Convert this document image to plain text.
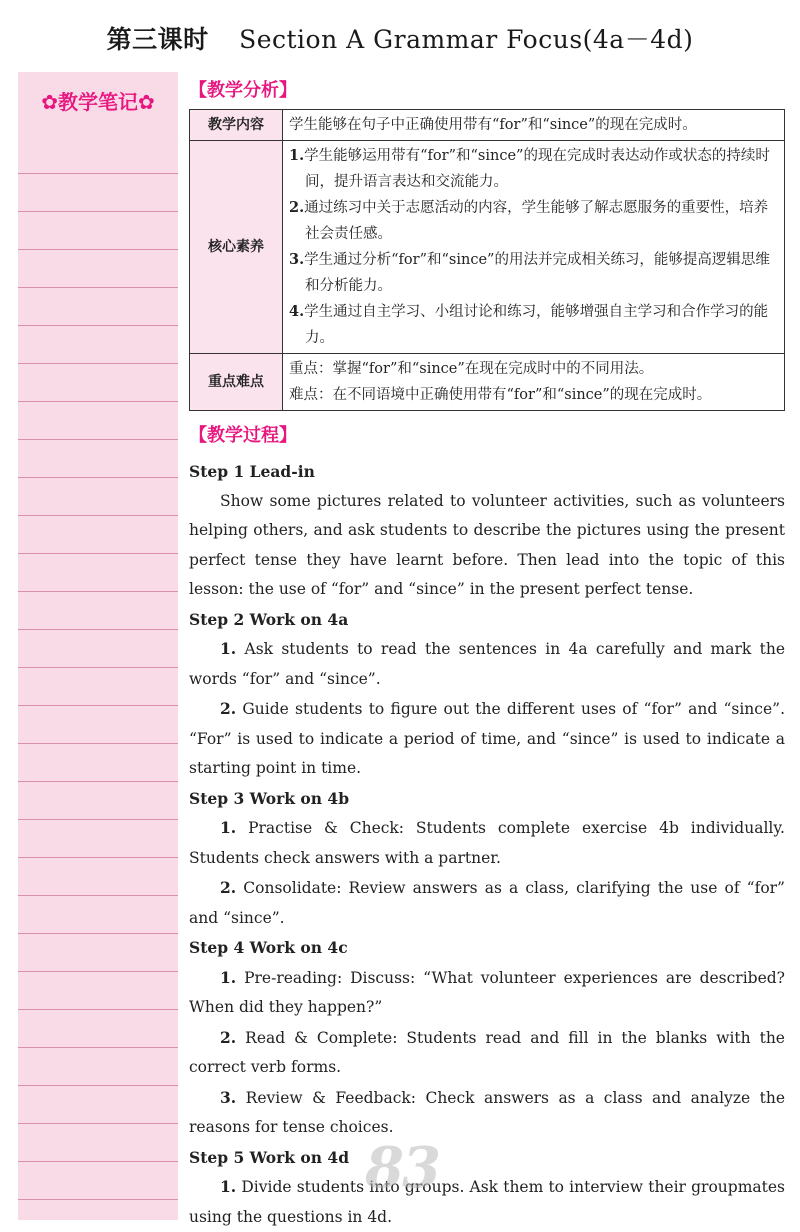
第三课时 Section A Grammar Focus(4a－4d)
✿教学笔记✿	【教学分析】
教学内容	学生能够在句子中正确使用带有“for”和“since”的现在完成时。
核心素养	1.学生能够运用带有“for”和“since”的现在完成时表达动作或状态的持续时间，提升语言表达和交流能力。

2.通过练习中关于志愿活动的内容，学生能够了解志愿服务的重要性，培养社会责任感。

3.学生通过分析“for”和“since”的用法并完成相关练习，能够提高逻辑思维和分析能力。

4.学生通过自主学习、小组讨论和练习，能够增强自主学习和合作学习的能力。

重点难点	重点：掌握“for”和“since”在现在完成时中的不同用法。
难点：在不同语境中正确使用带有“for”和“since”的现在完成时。
【教学过程】
Step 1 Lead-in

Show some pictures related to volunteer activities, such as volunteers helping others, and ask students to describe the pictures using the present perfect tense they have learnt before. Then lead into the topic of this lesson: the use of “for” and “since” in the present perfect tense.

Step 2 Work on 4a

1. Ask students to read the sentences in 4a carefully and mark the words “for” and “since”.

2. Guide students to figure out the different uses of “for” and “since”. “For” is used to indicate a period of time, and “since” is used to indicate a starting point in time.

Step 3 Work on 4b

1. Practise & Check: Students complete exercise 4b individually. Students check answers with a partner.

2. Consolidate: Review answers as a class, clarifying the use of “for” and “since”.

Step 4 Work on 4c

1. Pre-reading: Discuss: “What volunteer experiences are described? When did they happen?”

2. Read & Complete: Students read and fill in the blanks with the correct verb forms.

3. Review & Feedback: Check answers as a class and analyze the reasons for tense choices.

Step 5 Work on 4d

1. Divide students into groups. Ask them to interview their groupmates using the questions in 4d.

83
